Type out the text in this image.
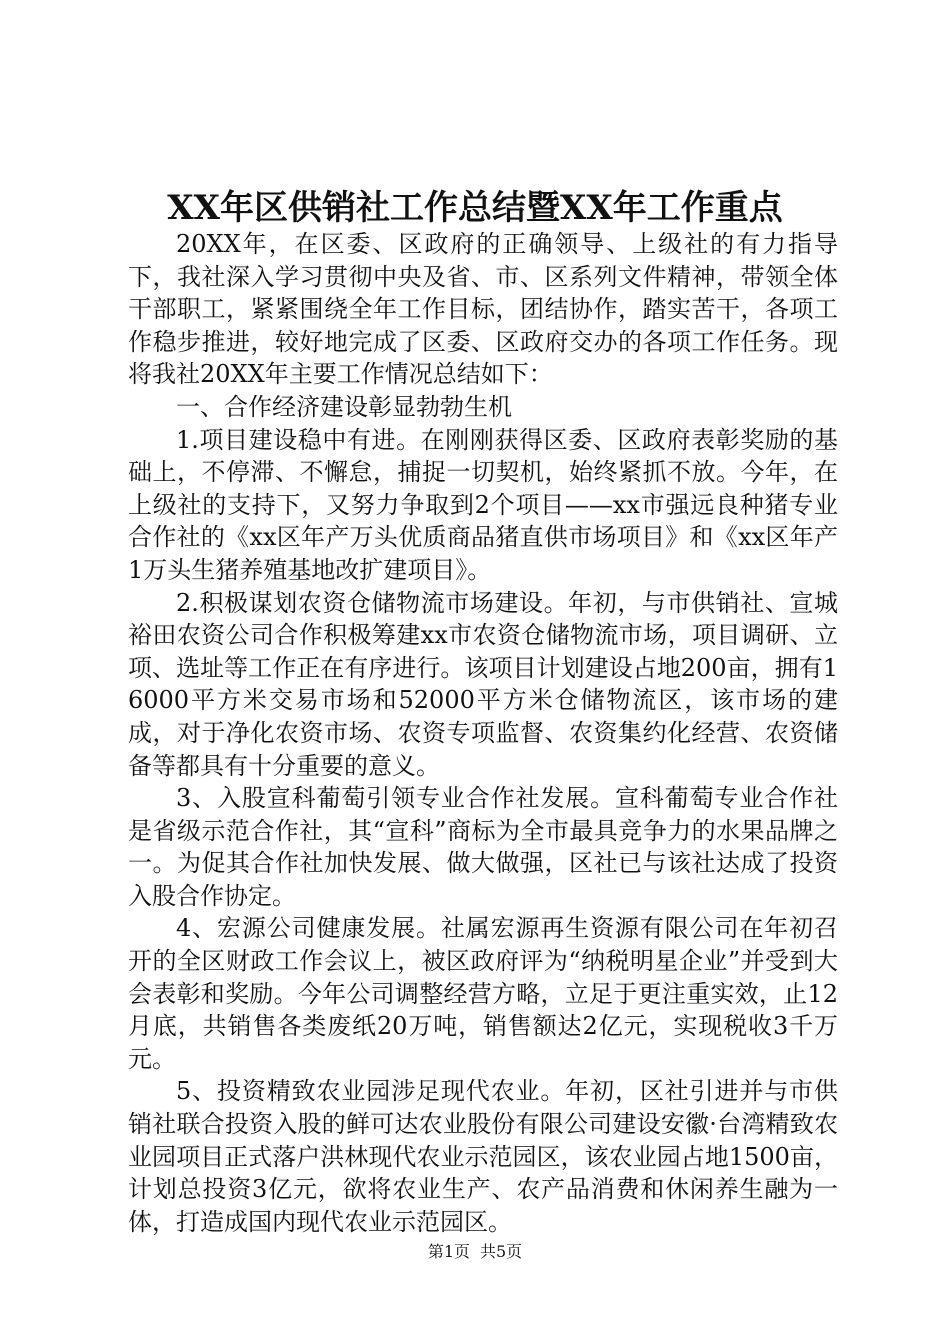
XX年区供销社工作总结暨XX年工作重点

20XX年，在区委、区政府的正确领导、上级社的有力指导下，我社深入学习贯彻中央及省、市、区系列文件精神，带领全体干部职工，紧紧围绕全年工作目标，团结协作，踏实苦干，各项工作稳步推进，较好地完成了区委、区政府交办的各项工作任务。现将我社20XX年主要工作情况总结如下：

一、合作经济建设彰显勃勃生机

1.项目建设稳中有进。在刚刚获得区委、区政府表彰奖励的基础上，不停滞、不懈怠，捕捉一切契机，始终紧抓不放。今年，在上级社的支持下，又努力争取到2个项目——xx市强远良种猪专业合作社的《xx区年产万头优质商品猪直供市场项目》和《xx区年产1万头生猪养殖基地改扩建项目》。

2.积极谋划农资仓储物流市场建设。年初，与市供销社、宣城裕田农资公司合作积极筹建xx市农资仓储物流市场，项目调研、立项、选址等工作正在有序进行。该项目计划建设占地200亩，拥有16000平方米交易市场和52000平方米仓储物流区，该市场的建成，对于净化农资市场、农资专项监督、农资集约化经营、农资储备等都具有十分重要的意义。

3、入股宣科葡萄引领专业合作社发展。宣科葡萄专业合作社是省级示范合作社，其“宣科”商标为全市最具竞争力的水果品牌之一。为促其合作社加快发展、做大做强，区社已与该社达成了投资入股合作协定。

4、宏源公司健康发展。社属宏源再生资源有限公司在年初召开的全区财政工作会议上，被区政府评为“纳税明星企业”并受到大会表彰和奖励。今年公司调整经营方略，立足于更注重实效，止12月底，共销售各类废纸20万吨，销售额达2亿元，实现税收3千万元。

5、投资精致农业园涉足现代农业。年初，区社引进并与市供销社联合投资入股的鲜可达农业股份有限公司建设安徽·台湾精致农业园项目正式落户洪林现代农业示范园区，该农业园占地1500亩，计划总投资3亿元，欲将农业生产、农产品消费和休闲养生融为一体，打造成国内现代农业示范园区。

第1页 共5页
